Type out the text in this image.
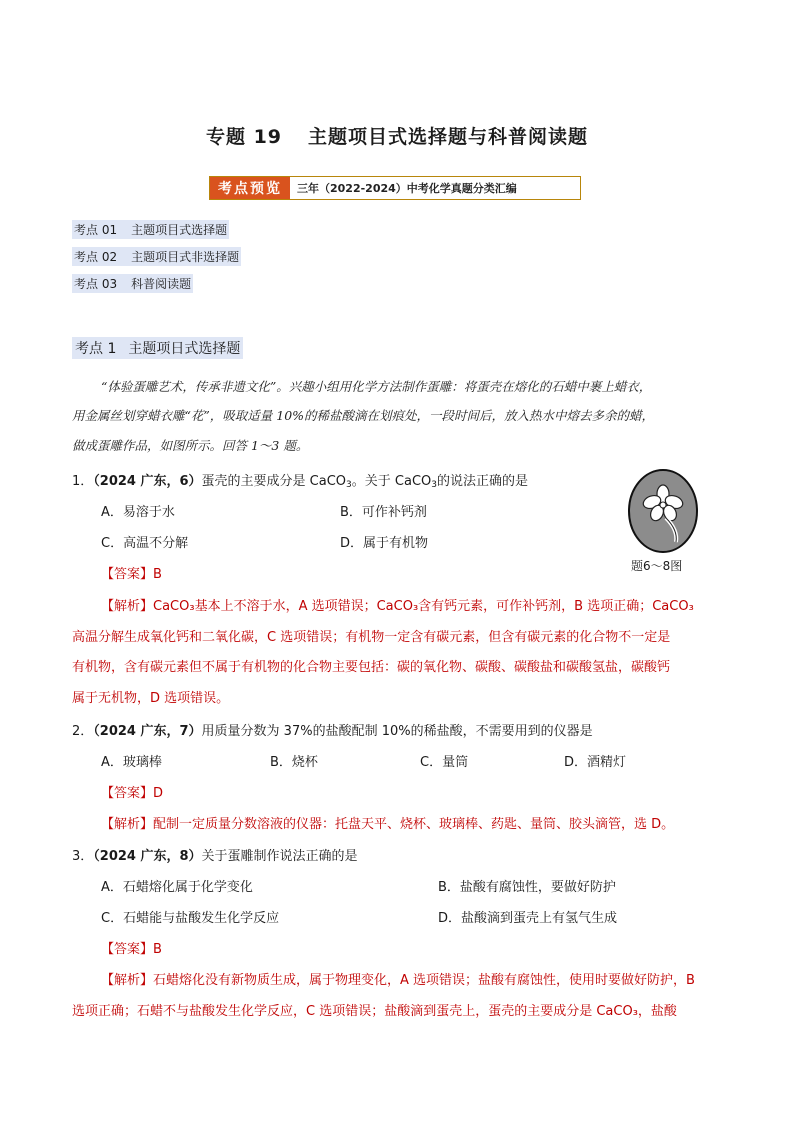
专题 19 主题项目式选择题与科普阅读题
考点预览	三年（2022-2024）中考化学真题分类汇编
考点 01 主题项目式选择题
考点 02 主题项目式非选择题
考点 03 科普阅读题
考点 1 主题项日式选择题
“体验蛋雕艺术，传承非遗文化”。兴趣小组用化学方法制作蛋雕：将蛋壳在熔化的石蜡中裹上蜡衣，
用金属丝划穿蜡衣雕“花”，吸取适量 10%的稀盐酸滴在划痕处，一段时间后，放入热水中熔去多余的蜡，
做成蛋雕作品，如图所示。回答 1～3 题。
题6～8图
1．（2024 广东，6）蛋壳的主要成分是 CaCO$_3$。关于 CaCO$_3$的说法正确的是
A．易溶于水	B．可作补钙剂
C．高温不分解	D．属于有机物
【答案】B
【解析】CaCO₃基本上不溶于水，A 选项错误；CaCO₃含有钙元素，可作补钙剂，B 选项正确；CaCO₃
高温分解生成氧化钙和二氧化碳，C 选项错误；有机物一定含有碳元素，但含有碳元素的化合物不一定是
有机物，含有碳元素但不属于有机物的化合物主要包括：碳的氧化物、碳酸、碳酸盐和碳酸氢盐，碳酸钙
属于无机物，D 选项错误。
2．（2024 广东，7）用质量分数为 37%的盐酸配制 10%的稀盐酸，不需要用到的仪器是
A．玻璃棒	B．烧杯	C．量筒	D．酒精灯
【答案】D
【解析】配制一定质量分数溶液的仪器：托盘天平、烧杯、玻璃棒、药匙、量筒、胶头滴管，选 D。
3．（2024 广东，8）关于蛋雕制作说法正确的是
A．石蜡熔化属于化学变化	B．盐酸有腐蚀性，要做好防护
C．石蜡能与盐酸发生化学反应	D．盐酸滴到蛋壳上有氢气生成
【答案】B
【解析】石蜡熔化没有新物质生成，属于物理变化，A 选项错误；盐酸有腐蚀性，使用时要做好防护，B
选项正确；石蜡不与盐酸发生化学反应，C 选项错误；盐酸滴到蛋壳上，蛋壳的主要成分是 CaCO₃，盐酸
